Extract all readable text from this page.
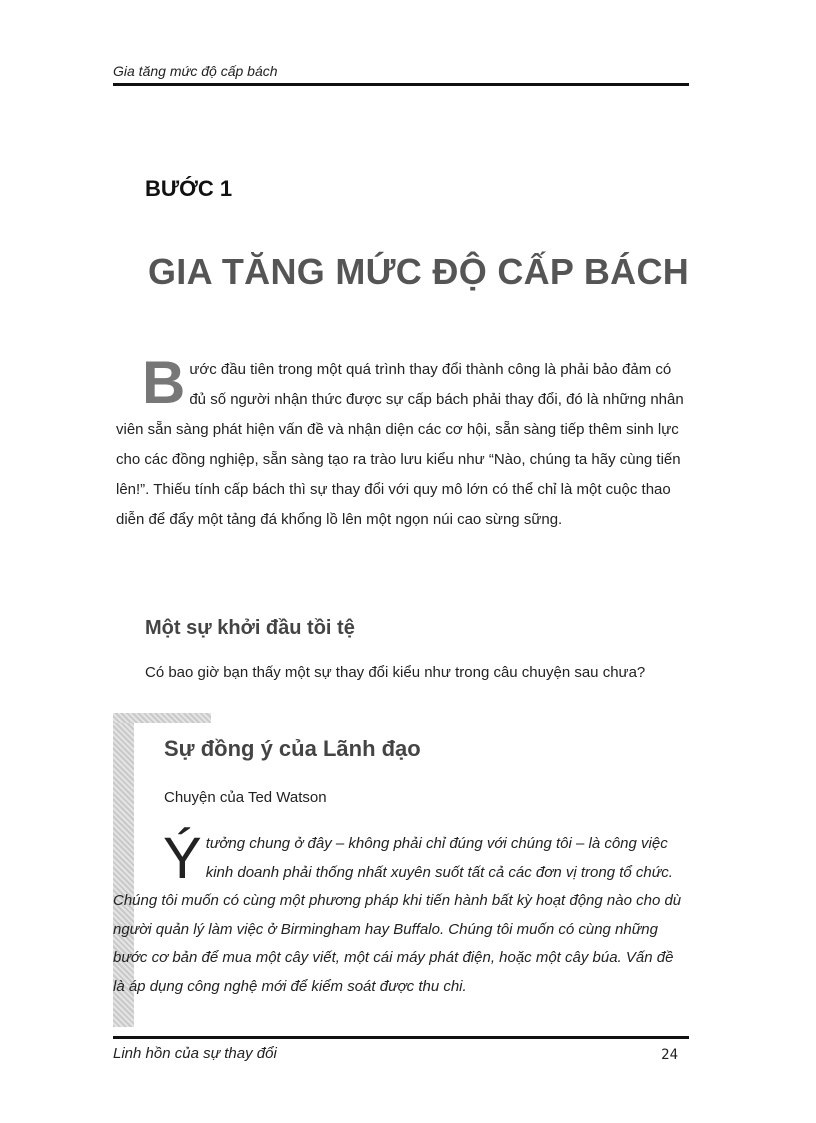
Gia tăng mức độ cấp bách
BƯỚC 1
GIA TĂNG MỨC ĐỘ CẤP BÁCH
B ước đầu tiên trong một quá trình thay đổi thành công là phải bảo đảm có đủ số người nhận thức được sự cấp bách phải thay đổi, đó là những nhân viên sẵn sàng phát hiện vấn đề và nhận diện các cơ hội, sẵn sàng tiếp thêm sinh lực cho các đồng nghiệp, sẵn sàng tạo ra trào lưu kiểu như “Nào, chúng ta hãy cùng tiến lên!”. Thiếu tính cấp bách thì sự thay đổi với quy mô lớn có thể chỉ là một cuộc thao diễn để đẩy một tảng đá khổng lồ lên một ngọn núi cao sừng sững.
Một sự khởi đầu tồi tệ
Có bao giờ bạn thấy một sự thay đổi kiểu như trong câu chuyện sau chưa?
Sự đồng ý của Lãnh đạo
Chuyện của Ted Watson
Ý tưởng chung ở đây – không phải chỉ đúng với chúng tôi – là công việc kinh doanh phải thống nhất xuyên suốt tất cả các đơn vị trong tổ chức. Chúng tôi muốn có cùng một phương pháp khi tiến hành bất kỳ hoạt động nào cho dù người quản lý làm việc ở Birmingham hay Buffalo. Chúng tôi muốn có cùng những bước cơ bản để mua một cây viết, một cái máy phát điện, hoặc một cây búa. Vấn đề là áp dụng công nghệ mới để kiểm soát được thu chi.
Linh hồn của sự thay đổi	24
